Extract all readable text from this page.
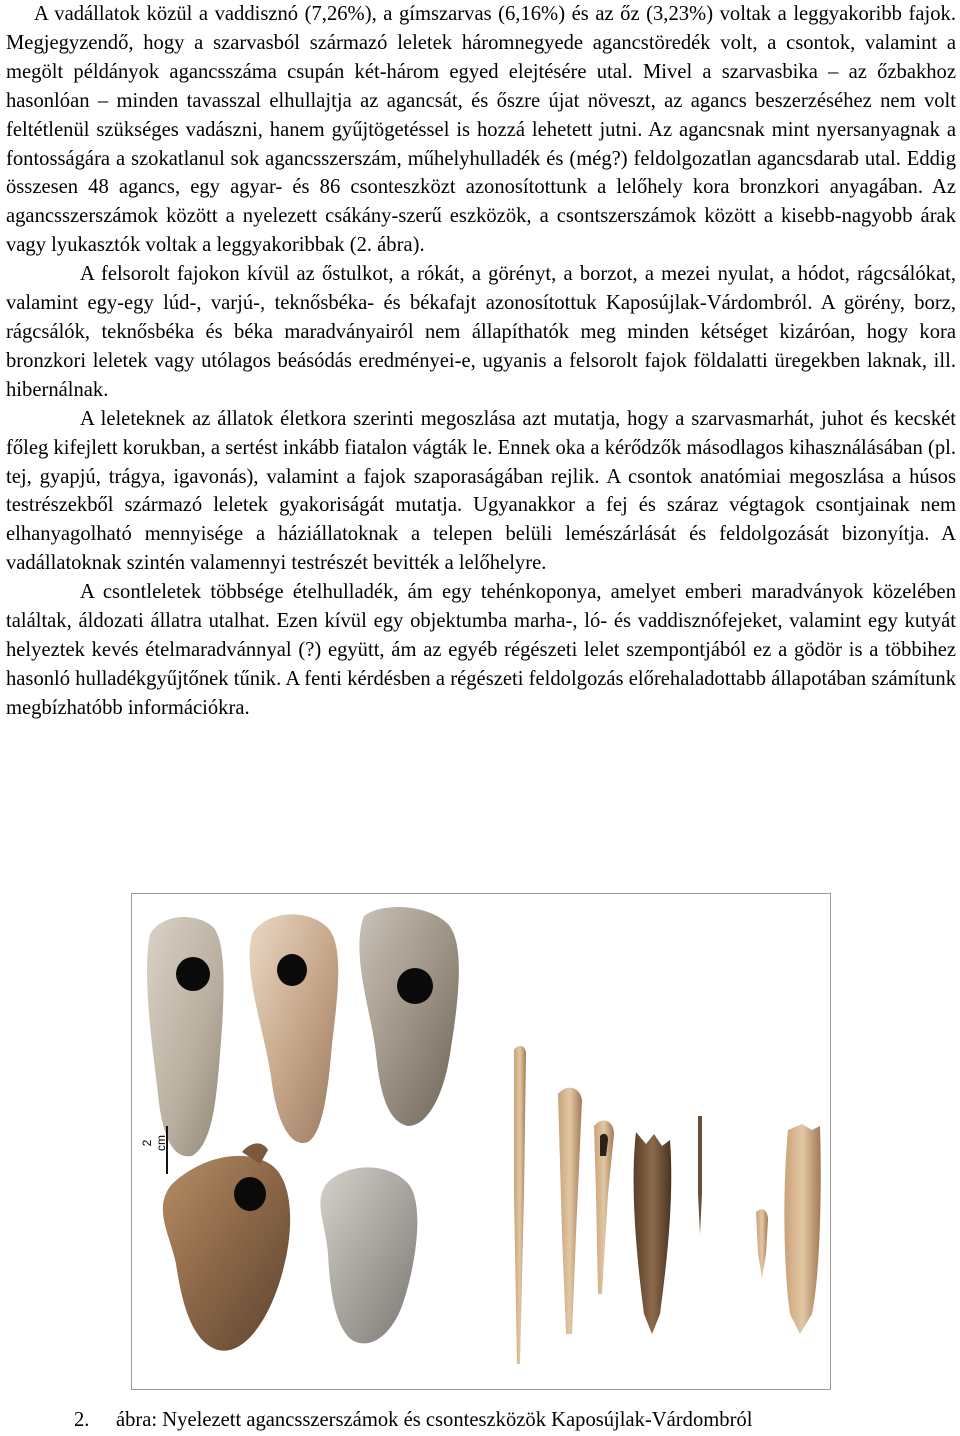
A vadállatok közül a vaddisznó (7,26%), a gímszarvas (6,16%) és az őz (3,23%) voltak a leggyakoribb fajok. Megjegyzendő, hogy a szarvasból származó leletek háromnegyede agancstöredék volt, a csontok, valamint a megölt példányok agancsszáma csupán két-három egyed elejtésére utal. Mivel a szarvasbika – az őzbakhoz hasonlóan – minden tavasszal elhullajtja az agancsát, és őszre újat növeszt, az agancs beszerzéséhez nem volt feltétlenül szükséges vadászni, hanem gyűjtögetéssel is hozzá lehetett jutni. Az agancsnak mint nyersanyagnak a fontosságára a szokatlanul sok agancsszerszám, műhelyhulladék és (még?) feldolgozatlan agancsdarab utal. Eddig összesen 48 agancs, egy agyar- és 86 csonteszközt azonosítottunk a lelőhely kora bronzkori anyagában. Az agancsszerszámok között a nyelezett csákány-szerű eszközök, a csontszerszámok között a kisebb-nagyobb árak vagy lyukasztók voltak a leggyakoribbak (2. ábra).

A felsorolt fajokon kívül az őstulkot, a rókát, a görényt, a borzot, a mezei nyulat, a hódot, rágcsálókat, valamint egy-egy lúd-, varjú-, teknősbéka- és békafajt azonosítottuk Kaposújlak-Várdombról. A görény, borz, rágcsálók, teknősbéka és béka maradványairól nem állapíthatók meg minden kétséget kizáróan, hogy kora bronzkori leletek vagy utólagos beásódás eredményei-e, ugyanis a felsorolt fajok földalatti üregekben laknak, ill. hibernálnak.

A leleteknek az állatok életkora szerinti megoszlása azt mutatja, hogy a szarvasmarhát, juhot és kecskét főleg kifejlett korukban, a sertést inkább fiatalon vágták le. Ennek oka a kérődzők másodlagos kihasználásában (pl. tej, gyapjú, trágya, igavonás), valamint a fajok szaporaságában rejlik. A csontok anatómiai megoszlása a húsos testrészekből származó leletek gyakoriságát mutatja. Ugyanakkor a fej és száraz végtagok csontjainak nem elhanyagolható mennyisége a háziállatoknak a telepen belüli lemészárlását és feldolgozását bizonyítja. A vadállatoknak szintén valamennyi testrészét bevitték a lelőhelyre.

A csontleletek többsége ételhulladék, ám egy tehénkoponya, amelyet emberi maradványok közelében találtak, áldozati állatra utalhat. Ezen kívül egy objektumba marha-, ló- és vaddisznófejeket, valamint egy kutyát helyeztek kevés ételmaradvánnyal (?) együtt, ám az egyéb régészeti lelet szempontjából ez a gödör is a többihez hasonló hulladékgyűjtőnek tűnik. A fenti kérdésben a régészeti feldolgozás előrehaladottabb állapotában számítunk megbízhatóbb információkra.

2 cm
2. ábra: Nyelezett agancsszerszámok és csonteszközök Kaposújlak-Várdombról
